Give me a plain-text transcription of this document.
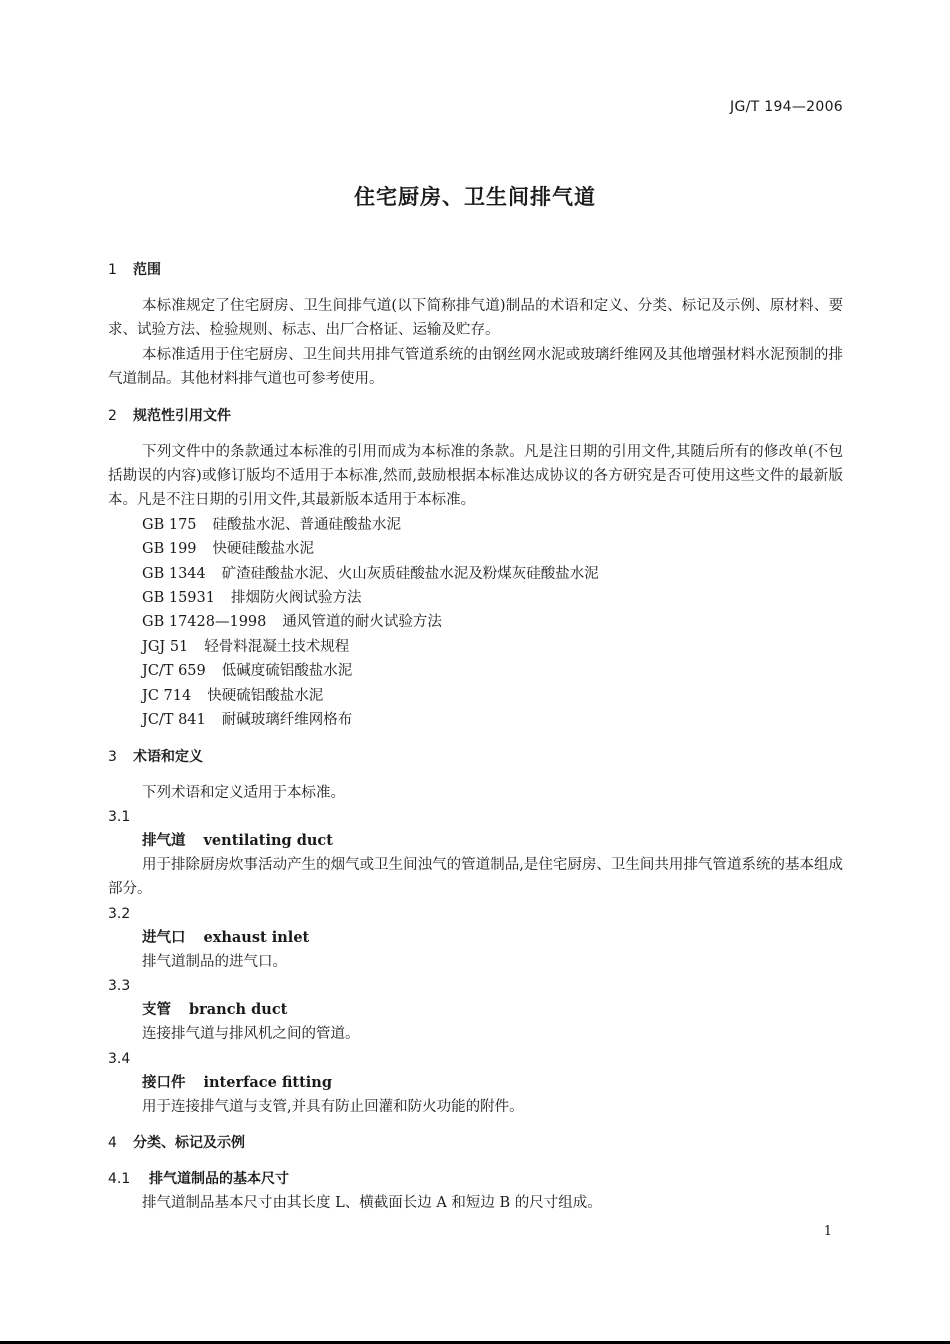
JG/T 194—2006
住宅厨房、卫生间排气道
1 范围
本标准规定了住宅厨房、卫生间排气道(以下简称排气道)制品的术语和定义、分类、标记及示例、原材料、要求、试验方法、检验规则、标志、出厂合格证、运输及贮存。
本标准适用于住宅厨房、卫生间共用排气管道系统的由钢丝网水泥或玻璃纤维网及其他增强材料水泥预制的排气道制品。其他材料排气道也可参考使用。
2 规范性引用文件
下列文件中的条款通过本标准的引用而成为本标准的条款。凡是注日期的引用文件,其随后所有的修改单(不包括勘误的内容)或修订版均不适用于本标准,然而,鼓励根据本标准达成协议的各方研究是否可使用这些文件的最新版本。凡是不注日期的引用文件,其最新版本适用于本标准。
GB 175 硅酸盐水泥、普通硅酸盐水泥
GB 199 快硬硅酸盐水泥
GB 1344 矿渣硅酸盐水泥、火山灰质硅酸盐水泥及粉煤灰硅酸盐水泥
GB 15931 排烟防火阀试验方法
GB 17428—1998 通风管道的耐火试验方法
JGJ 51 轻骨料混凝土技术规程
JC/T 659 低碱度硫铝酸盐水泥
JC 714 快硬硫铝酸盐水泥
JC/T 841 耐碱玻璃纤维网格布
3 术语和定义
下列术语和定义适用于本标准。
3.1
排气道 ventilating duct
用于排除厨房炊事活动产生的烟气或卫生间浊气的管道制品,是住宅厨房、卫生间共用排气管道系统的基本组成部分。
3.2
进气口 exhaust inlet
排气道制品的进气口。
3.3
支管 branch duct
连接排气道与排风机之间的管道。
3.4
接口件 interface fitting
用于连接排气道与支管,并具有防止回灌和防火功能的附件。
4 分类、标记及示例
4.1 排气道制品的基本尺寸
排气道制品基本尺寸由其长度 L、横截面长边 A 和短边 B 的尺寸组成。
1
